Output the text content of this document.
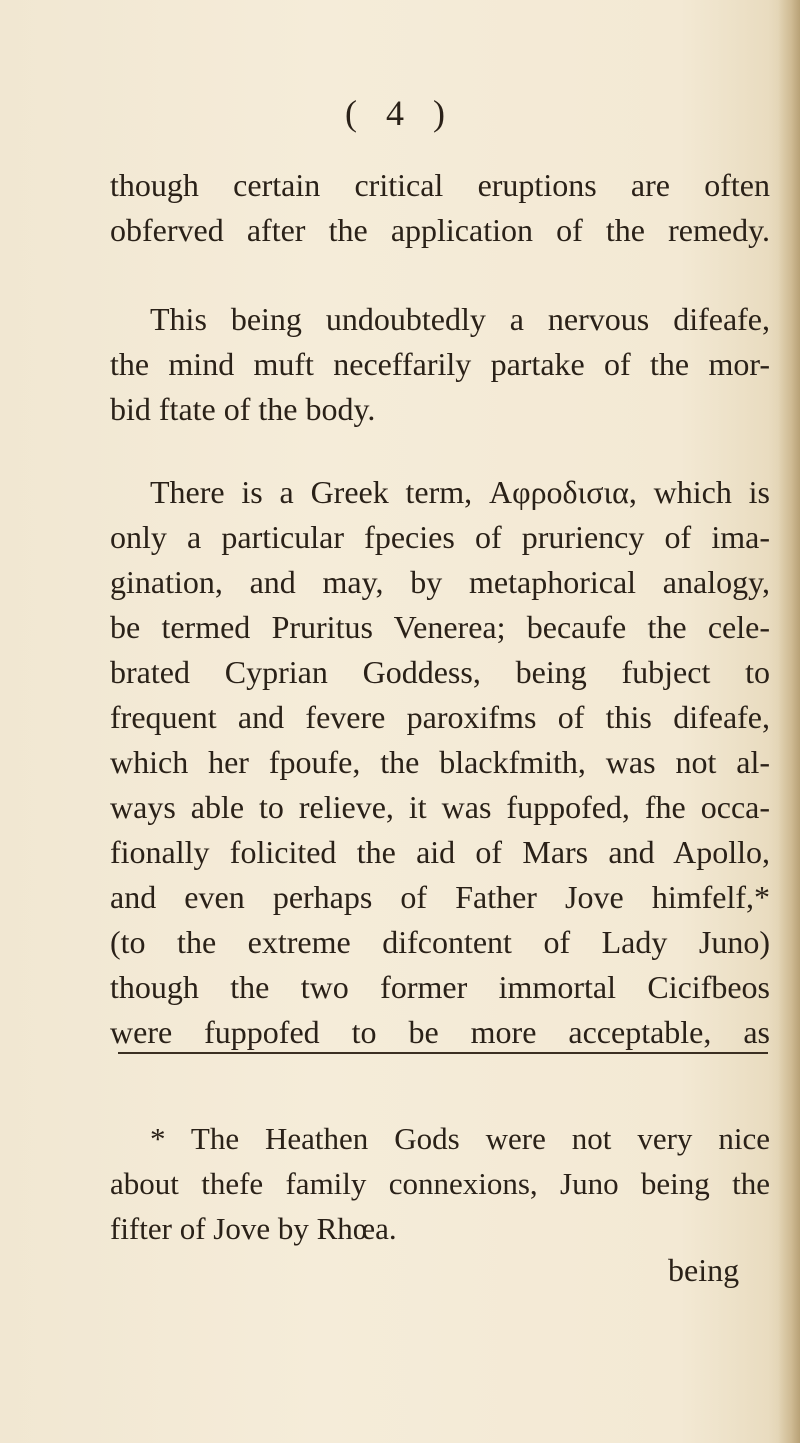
( 4 )
though certain critical eruptions are often
obferved after the application of the remedy.
This being undoubtedly a nervous difeafe,
the mind muft neceffarily partake of the mor-
bid ftate of the body.
There is a Greek term, Αφροδισια, which is
only a particular fpecies of pruriency of ima-
gination, and may, by metaphorical analogy,
be termed Pruritus Venerea; becaufe the cele-
brated Cyprian Goddess, being fubject to
frequent and fevere paroxifms of this difeafe,
which her fpoufe, the blackfmith, was not al-
ways able to relieve, it was fuppofed, fhe occa-
fionally folicited the aid of Mars and Apollo,
and even perhaps of Father Jove himfelf,*
(to the extreme difcontent of Lady Juno)
though the two former immortal Cicifbeos
were fuppofed to be more acceptable, as
* The Heathen Gods were not very nice
about thefe family connexions, Juno being the
fifter of Jove by Rhœa.
being
